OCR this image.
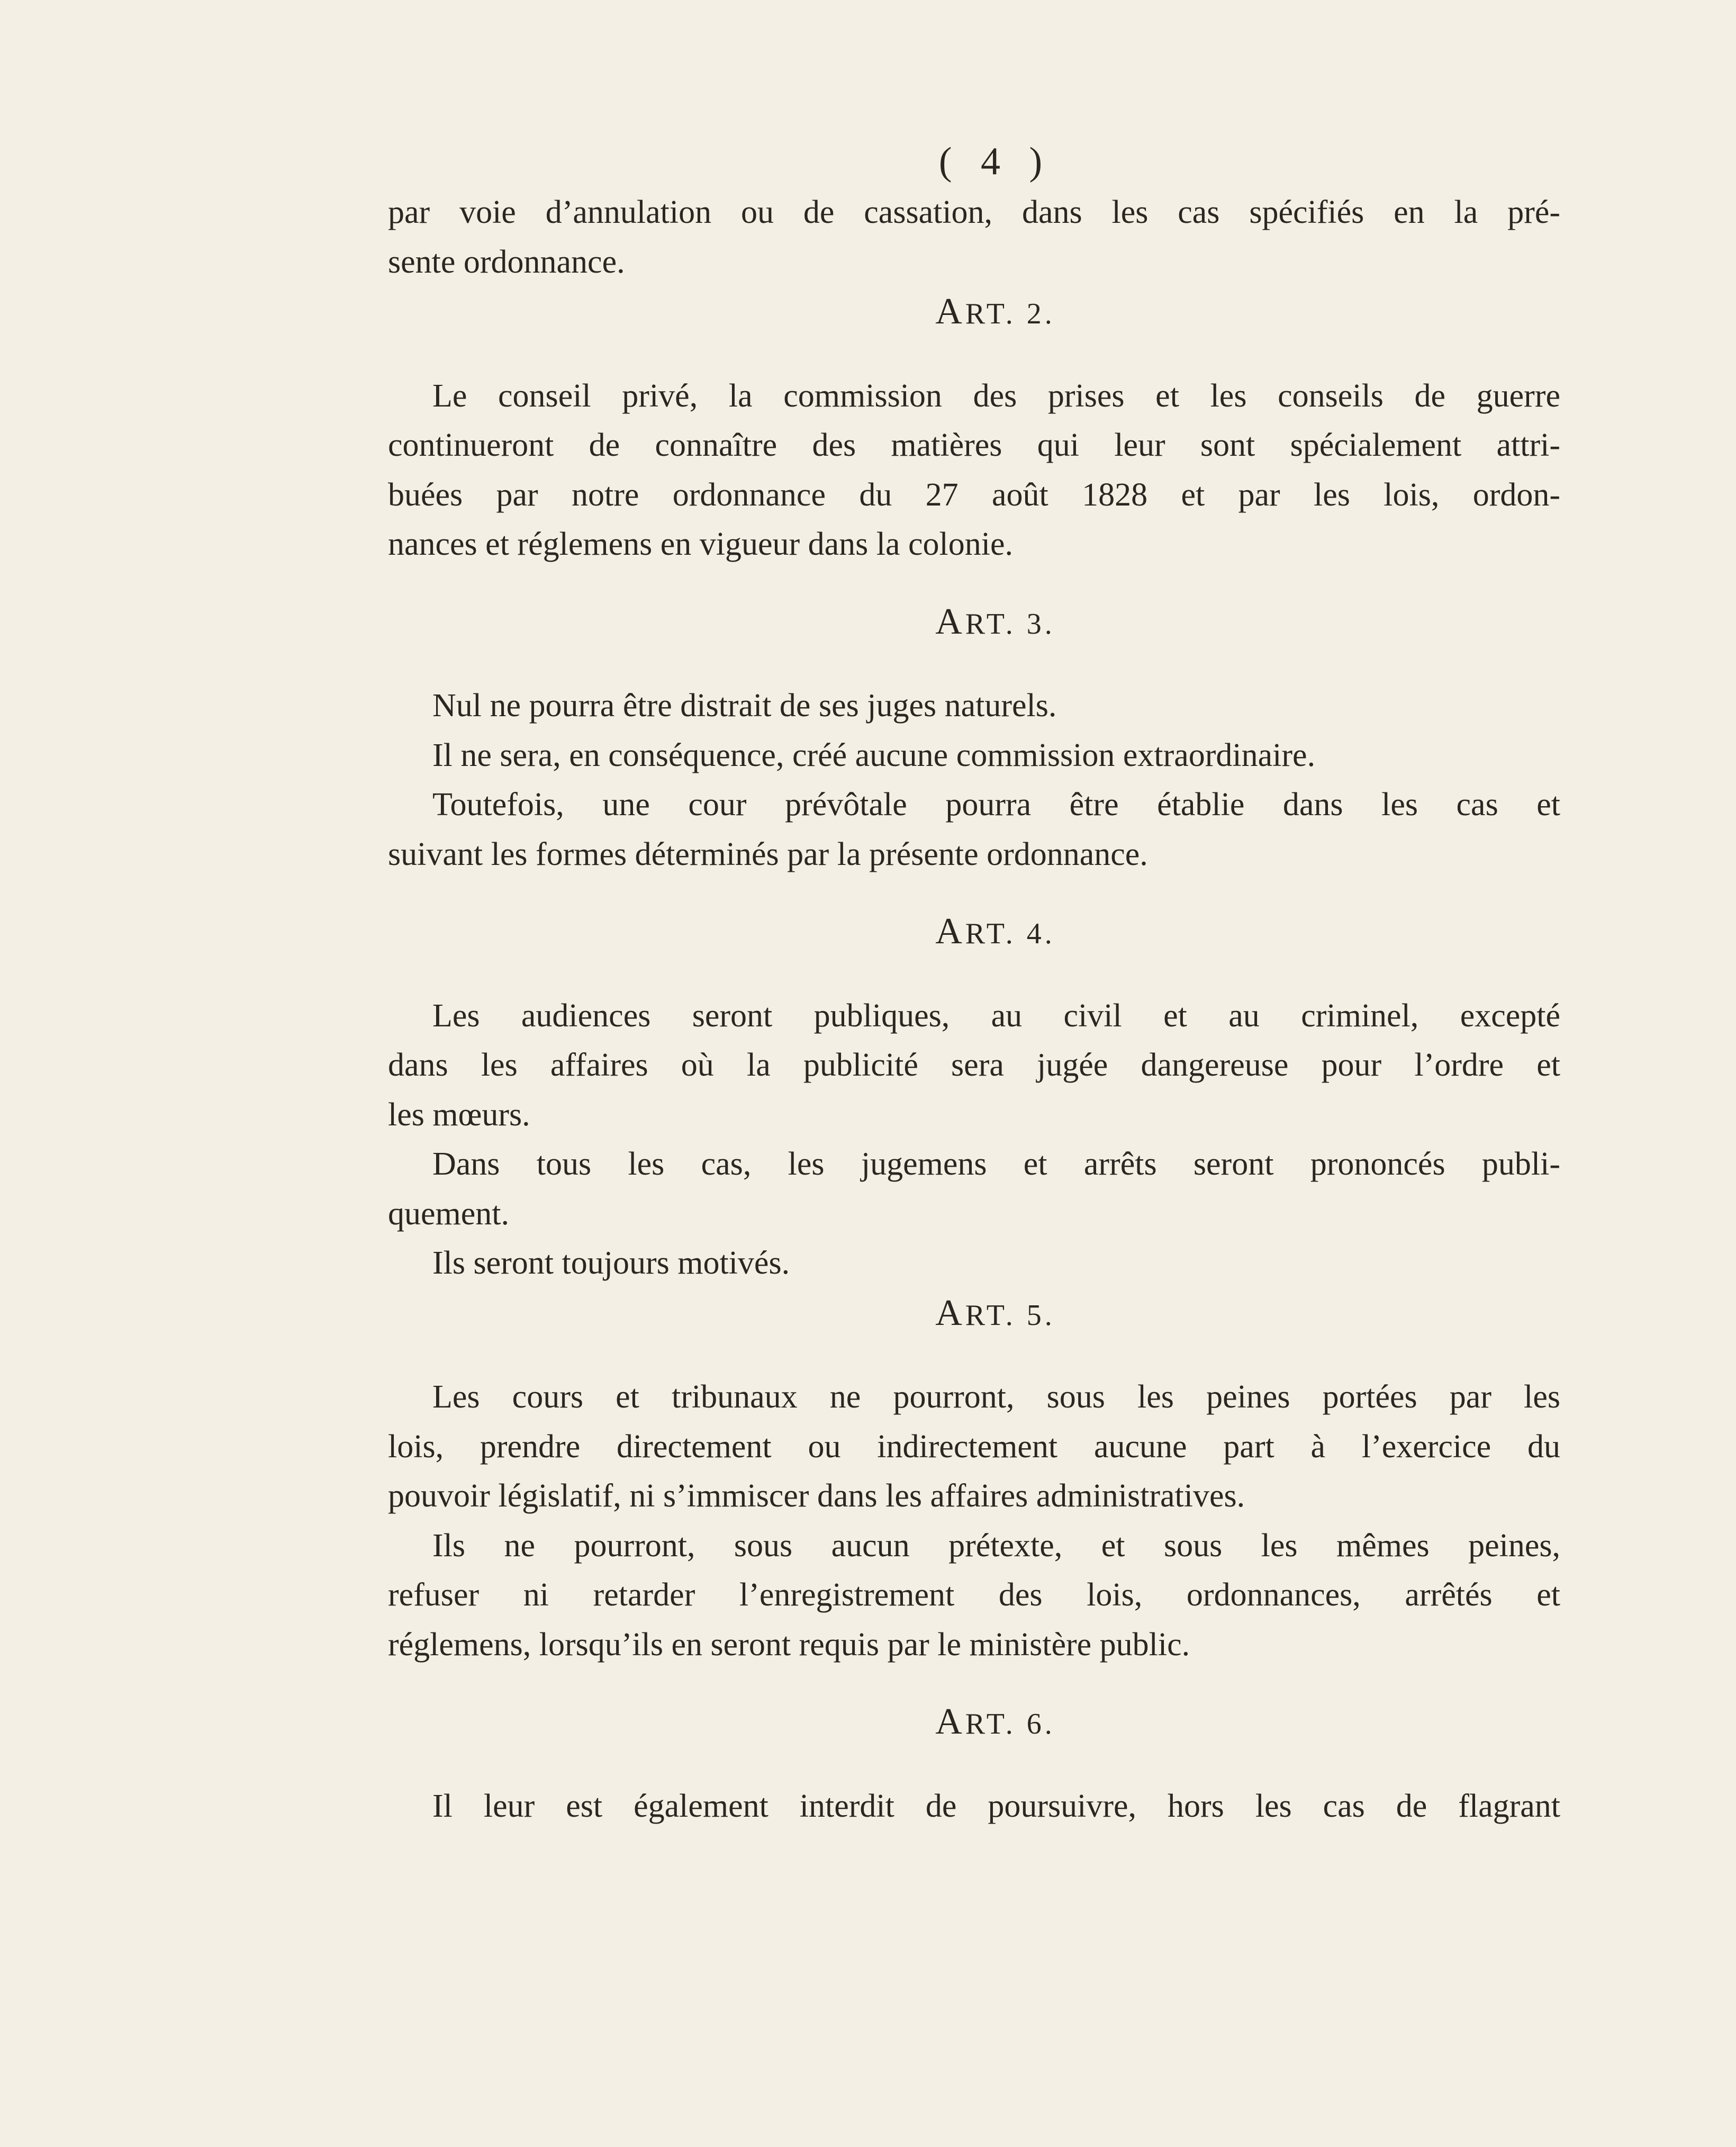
( 4 )
par voie d’annulation ou de cassation, dans les cas spécifiés en la pré-
sente ordonnance.
ART. 2.
Le conseil privé, la commission des prises et les conseils de guerre
continueront de connaître des matières qui leur sont spécialement attri-
buées par notre ordonnance du 27 août 1828 et par les lois, ordon-
nances et réglemens en vigueur dans la colonie.
ART. 3.
Nul ne pourra être distrait de ses juges naturels.
Il ne sera, en conséquence, créé aucune commission extraordinaire.
Toutefois, une cour prévôtale pourra être établie dans les cas et
suivant les formes déterminés par la présente ordonnance.
ART. 4.
Les audiences seront publiques, au civil et au criminel, excepté
dans les affaires où la publicité sera jugée dangereuse pour l’ordre et
les mœurs.
Dans tous les cas, les jugemens et arrêts seront prononcés publi-
quement.
Ils seront toujours motivés.
ART. 5.
Les cours et tribunaux ne pourront, sous les peines portées par les
lois, prendre directement ou indirectement aucune part à l’exercice du
pouvoir législatif, ni s’immiscer dans les affaires administratives.
Ils ne pourront, sous aucun prétexte, et sous les mêmes peines,
refuser ni retarder l’enregistrement des lois, ordonnances, arrêtés et
réglemens, lorsqu’ils en seront requis par le ministère public.
ART. 6.
Il leur est également interdit de poursuivre, hors les cas de flagrant
